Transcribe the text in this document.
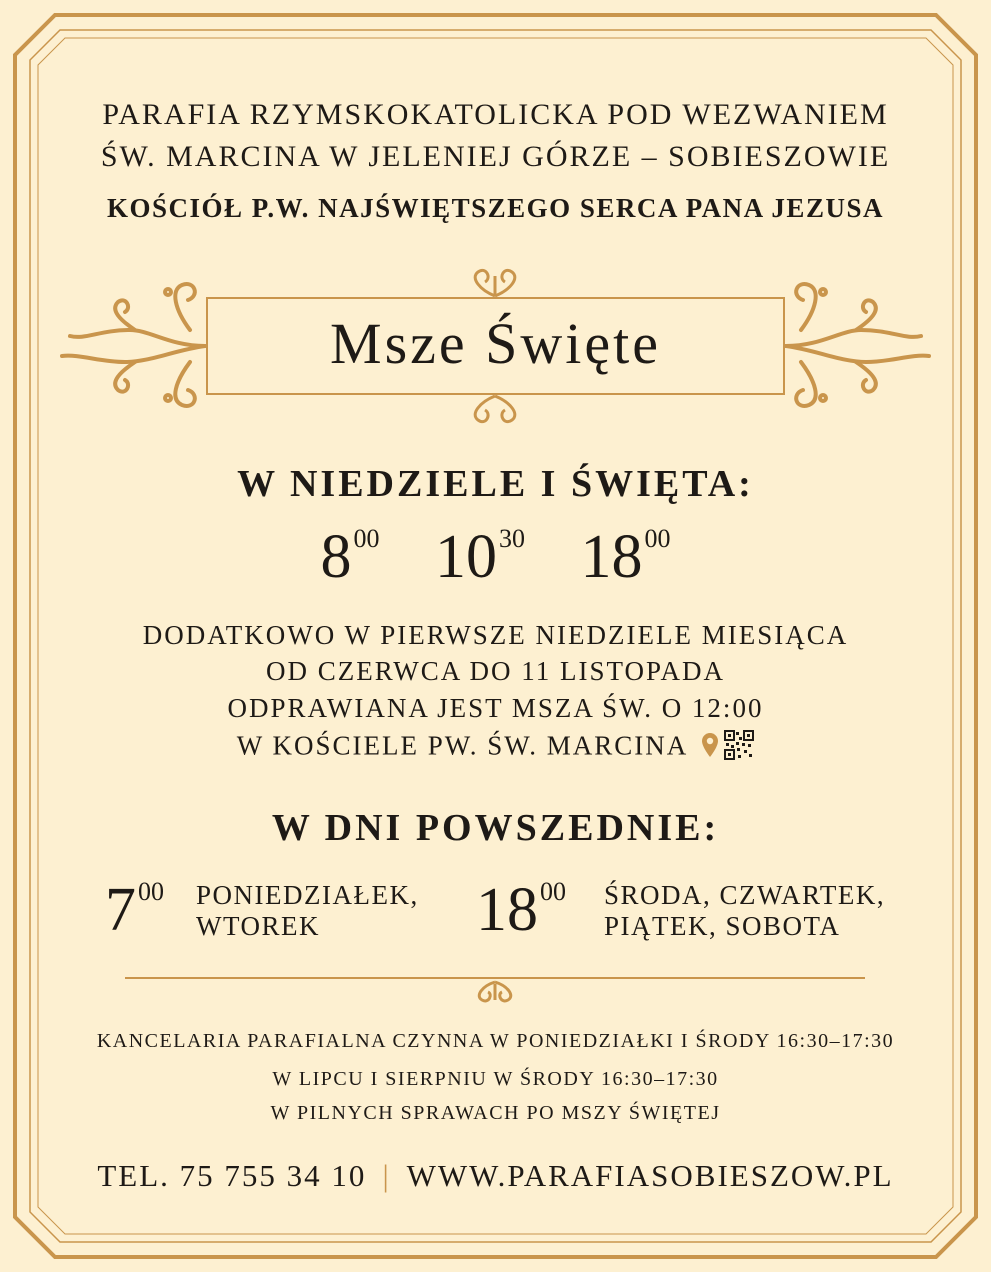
PARAFIA RZYMSKOKATOLICKA POD WEZWANIEM
ŚW. MARCINA W JELENIEJ GÓRZE – SOBIESZOWIE
KOŚCIÓŁ P.W. NAJŚWIĘTSZEGO SERCA PANA JEZUSA
Msze Święte
W NIEDZIELE I ŚWIĘTA:
$8^{00}$ $10^{30}$ $18^{00}$
DODATKOWO W PIERWSZE NIEDZIELE MIESIĄCA
OD CZERWCA DO 11 LISTOPADA
ODPRAWIANA JEST MSZA ŚW. O 12:00
W KOŚCIELE PW. ŚW. MARCINA
W DNI POWSZEDNIE:
$7^{00}$ PONIEDZIAŁEK,
WTOREK	$18^{00}$ ŚRODA, CZWARTEK,
PIĄTEK, SOBOTA
KANCELARIA PARAFIALNA CZYNNA W PONIEDZIAŁKI I ŚRODY 16:30–17:30
W LIPCU I SIERPNIU W ŚRODY 16:30–17:30
W PILNYCH SPRAWACH PO MSZY ŚWIĘTEJ
TEL. 75 755 34 10 | WWW.PARAFIASOBIESZOW.PL
